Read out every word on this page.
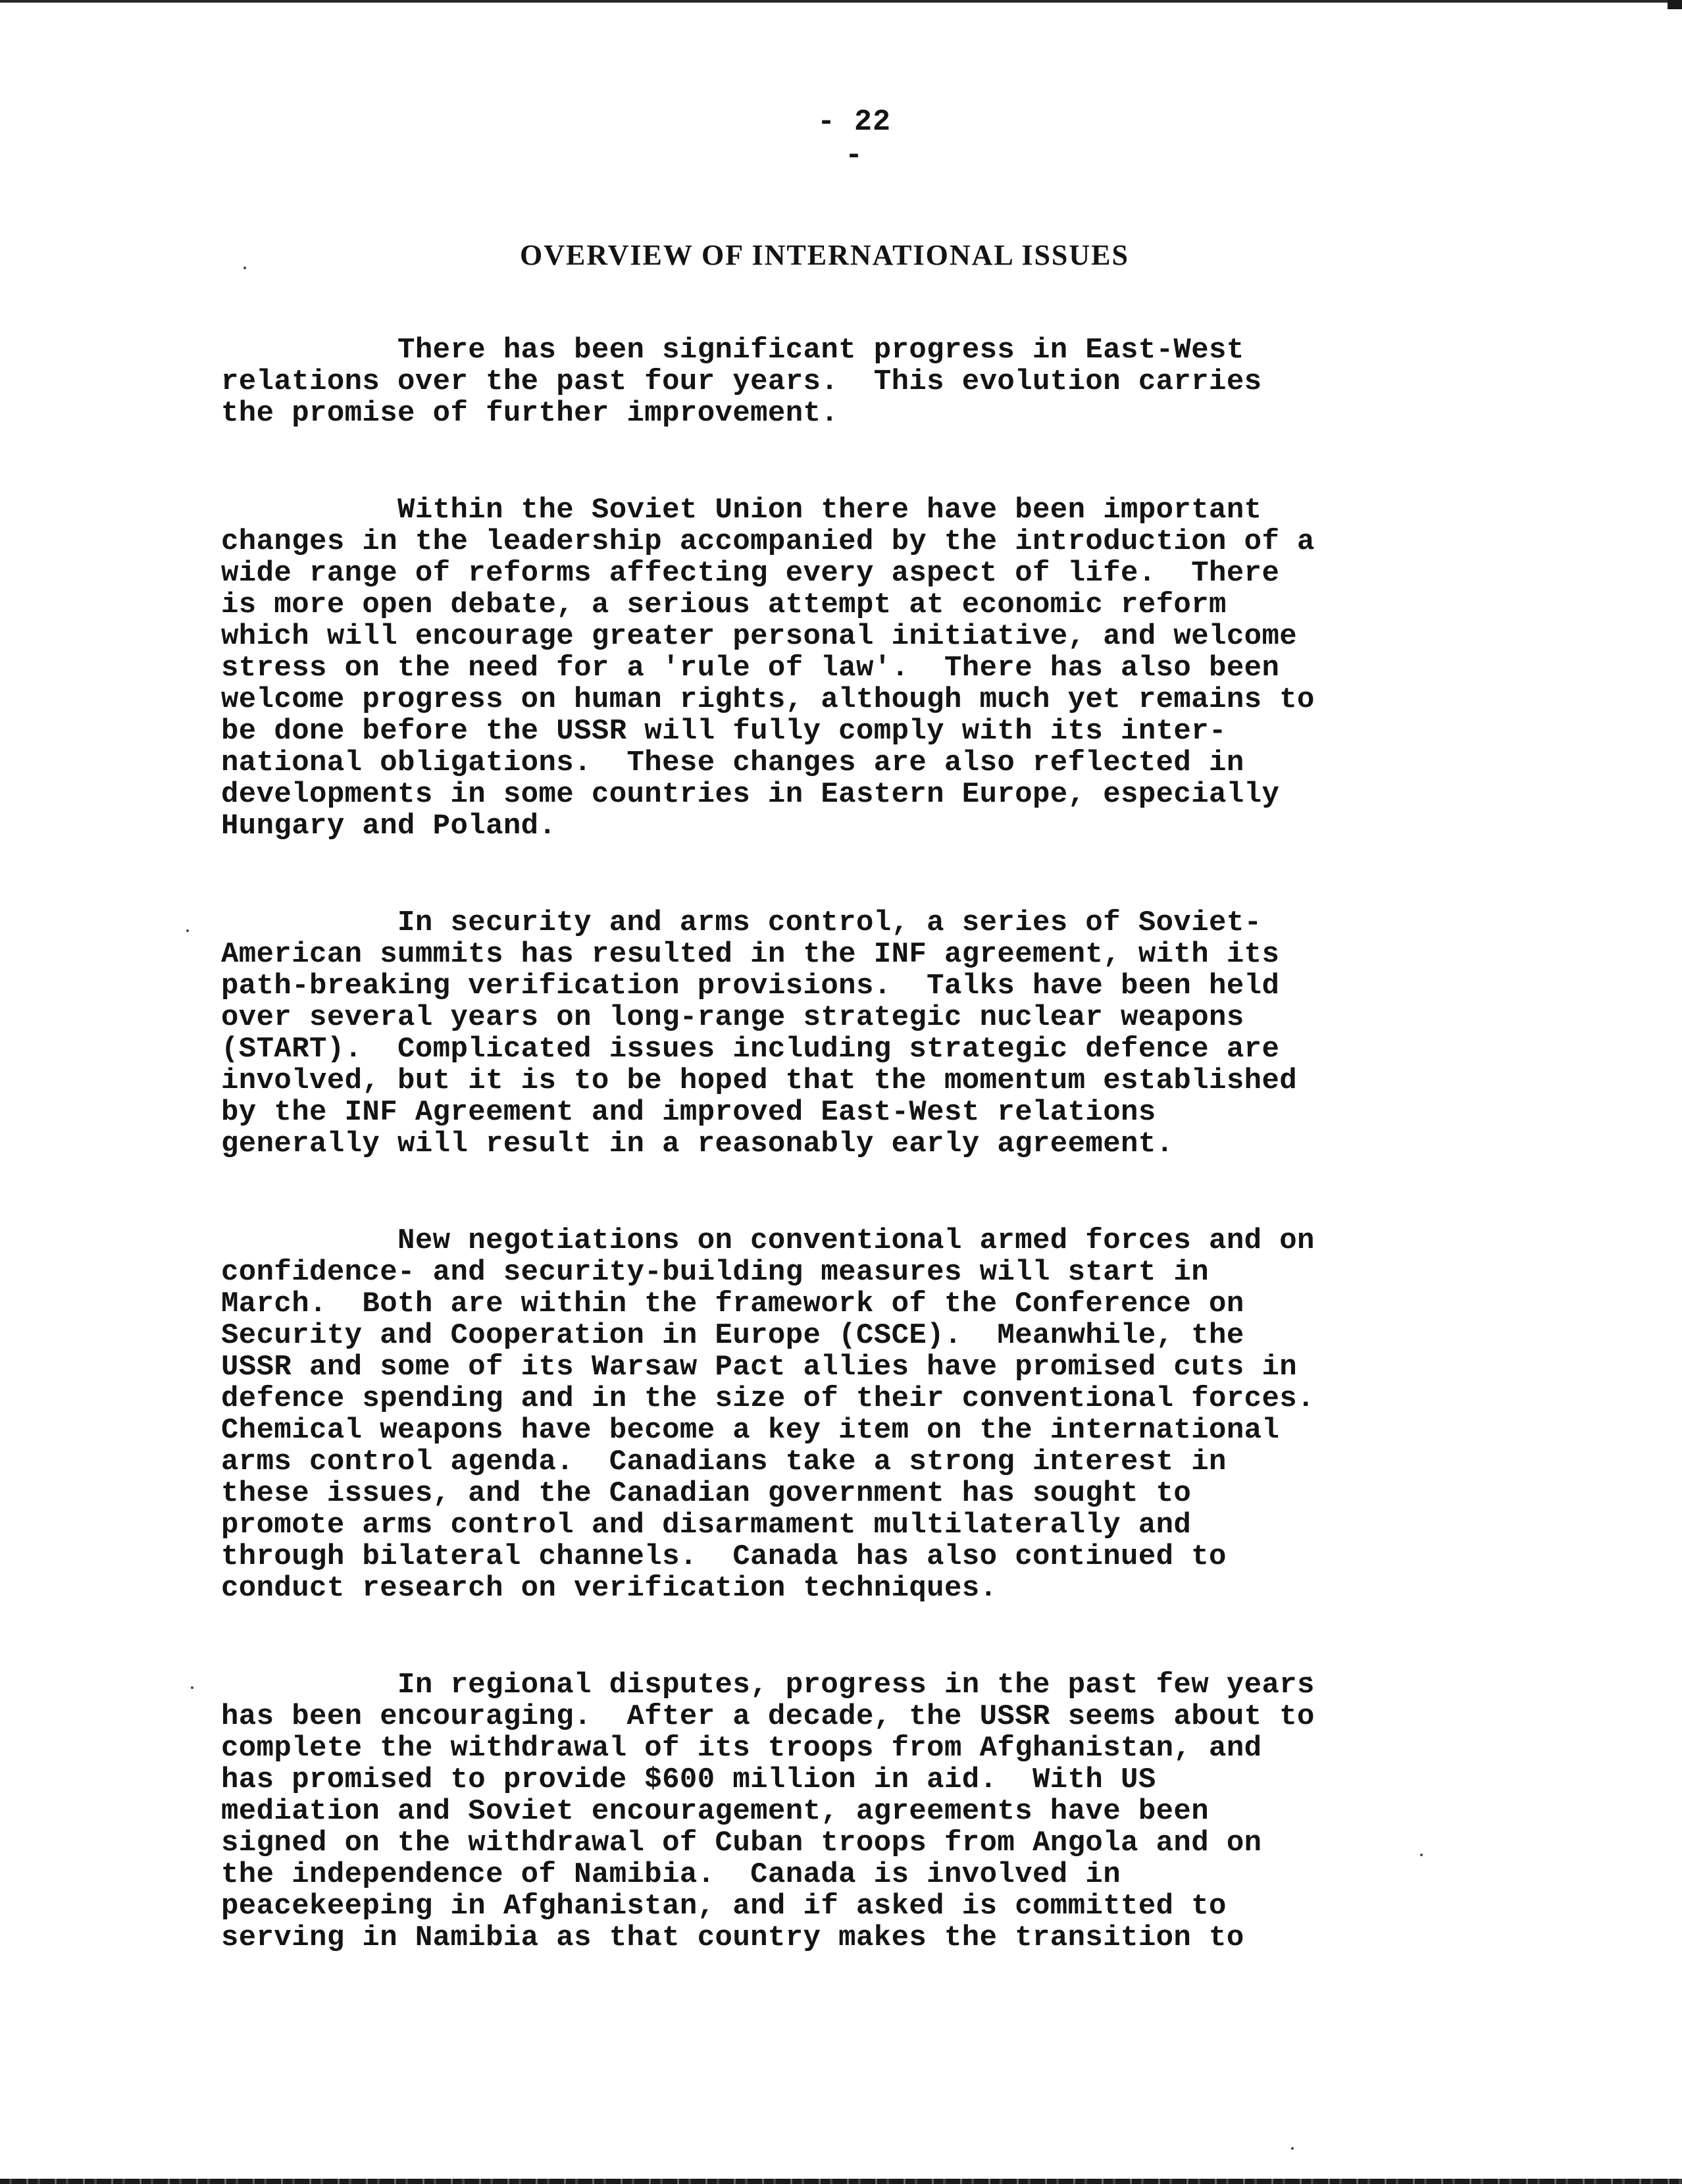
- 22 -
OVERVIEW OF INTERNATIONAL ISSUES
There has been significant progress in East-West
relations over the past four years.  This evolution carries
the promise of further improvement.
Within the Soviet Union there have been important
changes in the leadership accompanied by the introduction of a
wide range of reforms affecting every aspect of life.  There
is more open debate, a serious attempt at economic reform
which will encourage greater personal initiative, and welcome
stress on the need for a 'rule of law'.  There has also been
welcome progress on human rights, although much yet remains to
be done before the USSR will fully comply with its inter-
national obligations.  These changes are also reflected in
developments in some countries in Eastern Europe, especially
Hungary and Poland.
In security and arms control, a series of Soviet-
American summits has resulted in the INF agreement, with its
path-breaking verification provisions.  Talks have been held
over several years on long-range strategic nuclear weapons
(START).  Complicated issues including strategic defence are
involved, but it is to be hoped that the momentum established
by the INF Agreement and improved East-West relations
generally will result in a reasonably early agreement.
New negotiations on conventional armed forces and on
confidence- and security-building measures will start in
March.  Both are within the framework of the Conference on
Security and Cooperation in Europe (CSCE).  Meanwhile, the
USSR and some of its Warsaw Pact allies have promised cuts in
defence spending and in the size of their conventional forces.
Chemical weapons have become a key item on the international
arms control agenda.  Canadians take a strong interest in
these issues, and the Canadian government has sought to
promote arms control and disarmament multilaterally and
through bilateral channels.  Canada has also continued to
conduct research on verification techniques.
In regional disputes, progress in the past few years
has been encouraging.  After a decade, the USSR seems about to
complete the withdrawal of its troops from Afghanistan, and
has promised to provide $600 million in aid.  With US
mediation and Soviet encouragement, agreements have been
signed on the withdrawal of Cuban troops from Angola and on
the independence of Namibia.  Canada is involved in
peacekeeping in Afghanistan, and if asked is committed to
serving in Namibia as that country makes the transition to
